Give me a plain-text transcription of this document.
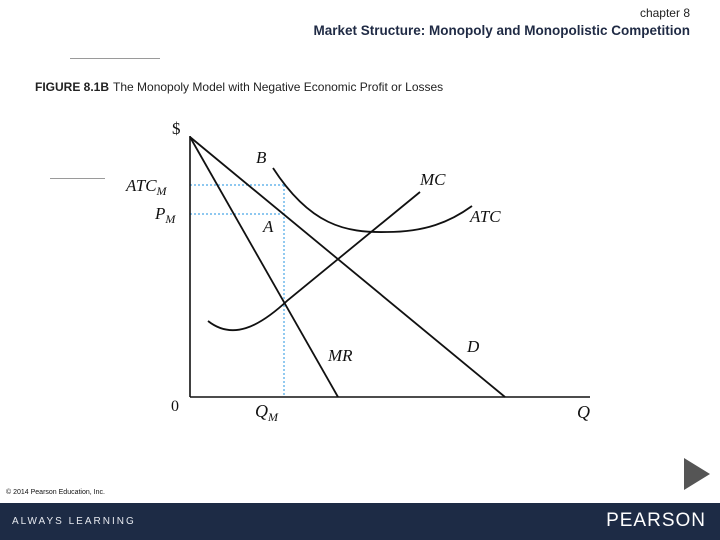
chapter 8
Market Structure: Monopoly and Monopolistic Competition
FIGURE 8.1B The Monopoly Model with Negative Economic Profit or Losses
$
Q
0
$ATC_M$
$P_M$
$Q_M$
B
A
MC
ATC
D
MR
© 2014 Pearson Education, Inc.
ALWAYS LEARNING	PEARSON
